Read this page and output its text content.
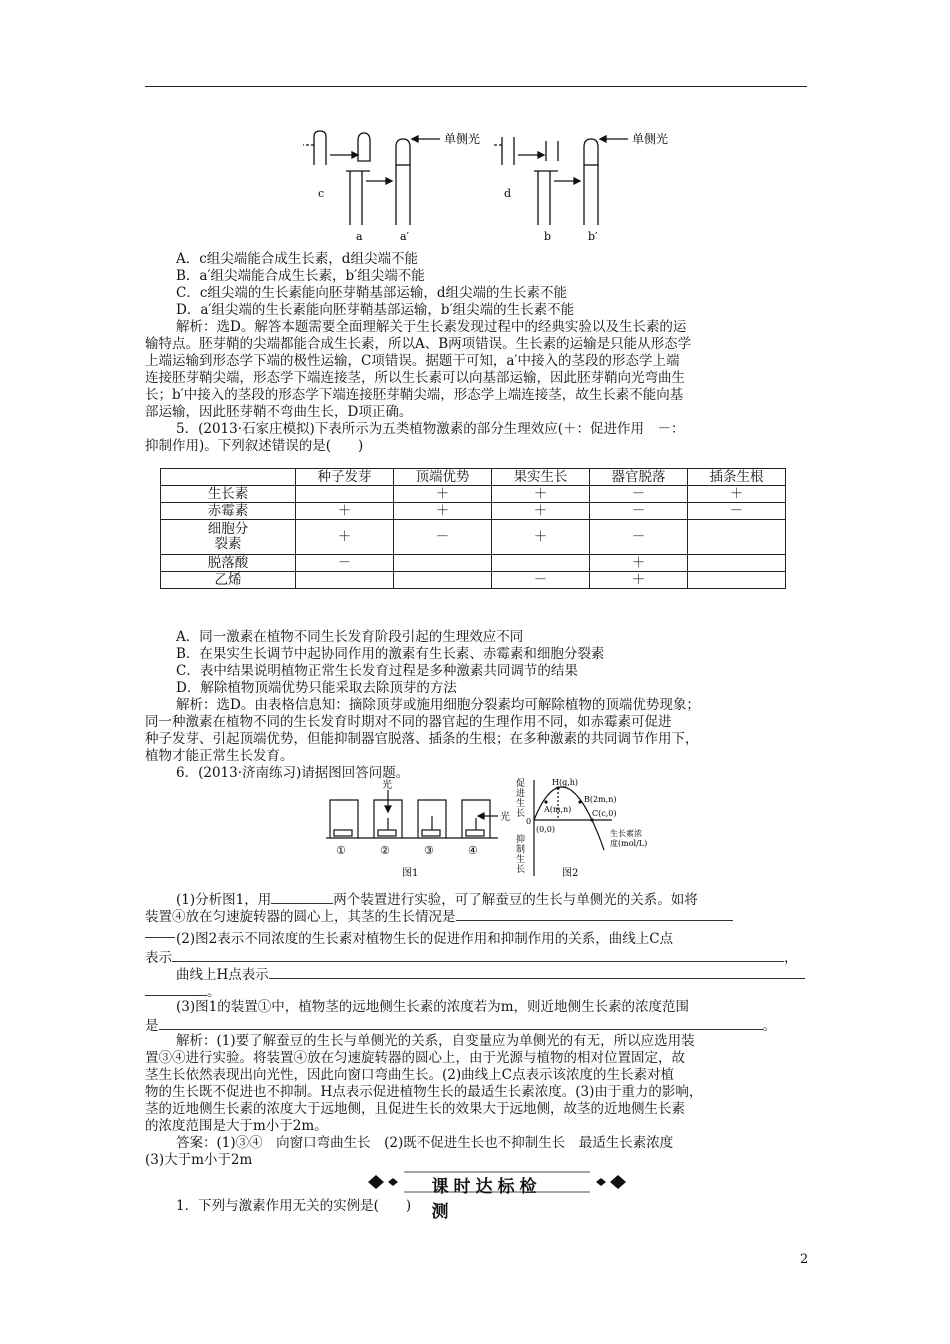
单侧光	单侧光
c	d
a	a′	b	b′
A．c组尖端能合成生长素，d组尖端不能
B．a′组尖端能合成生长素，b′组尖端不能
C．c组尖端的生长素能向胚芽鞘基部运输，d组尖端的生长素不能
D．a′组尖端的生长素能向胚芽鞘基部运输，b′组尖端的生长素不能
解析：选D。解答本题需要全面理解关于生长素发现过程中的经典实验以及生长素的运
输特点。胚芽鞘的尖端都能合成生长素，所以A、B两项错误。生长素的运输是只能从形态学
上端运输到形态学下端的极性运输，C项错误。据题干可知，a′中接入的茎段的形态学上端
连接胚芽鞘尖端，形态学下端连接茎，所以生长素可以向基部运输，因此胚芽鞘向光弯曲生
长；b′中接入的茎段的形态学下端连接胚芽鞘尖端，形态学上端连接茎，故生长素不能向基
部运输，因此胚芽鞘不弯曲生长，D项正确。
5．(2013·石家庄模拟)下表所示为五类植物激素的部分生理效应(＋：促进作用　－：
抑制作用)。下列叙述错误的是(　　)
	种子发芽	顶端优势	果实生长	器官脱落	插条生根
生长素		＋	＋	－	＋
赤霉素	＋	＋	＋	－	－

细胞分
裂素	＋	－	＋	－	
脱落酸	－			＋	
乙烯			－	＋	
A．同一激素在植物不同生长发育阶段引起的生理效应不同
B．在果实生长调节中起协同作用的激素有生长素、赤霉素和细胞分裂素
C．表中结果说明植物正常生长发育过程是多种激素共同调节的结果
D．解除植物顶端优势只能采取去除顶芽的方法
解析：选D。由表格信息知：摘除顶芽或施用细胞分裂素均可解除植物的顶端优势现象；
同一种激素在植物不同的生长发育时期对不同的器官起的生理作用不同，如赤霉素可促进
种子发芽、引起顶端优势，但能抑制器官脱落、插条的生根；在多种激素的共同调节作用下，
植物才能正常生长发育。
6．(2013·济南练习)请据图回答问题。
光
光
①	②	③	④
图1	图2
促
进
生
长
抑
制
生
长
0
(0,0)
H(g,h)
A(m,n)
B(2m,n)
C(c,0)
生长素浓
度(mol/L)
(1)分析图1，用	两个装置进行实验，可了解蚕豆的生长与单侧光的关系。如将
装置④放在匀速旋转器的圆心上，其茎的生长情况是
(2)图2表示不同浓度的生长素对植物生长的促进作用和抑制作用的关系，曲线上C点
表示	，
曲线上H点表示
。
(3)图1的装置①中，植物茎的远地侧生长素的浓度若为m，则近地侧生长素的浓度范围
是	。
解析：(1)要了解蚕豆的生长与单侧光的关系，自变量应为单侧光的有无，所以应选用装
置③④进行实验。将装置④放在匀速旋转器的圆心上，由于光源与植物的相对位置固定，故
茎生长依然表现出向光性，因此向窗口弯曲生长。(2)曲线上C点表示该浓度的生长素对植
物的生长既不促进也不抑制。H点表示促进植物生长的最适生长素浓度。(3)由于重力的影响，
茎的近地侧生长素的浓度大于远地侧，且促进生长的效果大于远地侧，故茎的近地侧生长素
的浓度范围是大于m小于2m。
答案：(1)③④　向窗口弯曲生长　(2)既不促进生长也不抑制生长　最适生长素浓度
(3)大于m小于2m
课时达标检测
1．下列与激素作用无关的实例是(　　)
2
